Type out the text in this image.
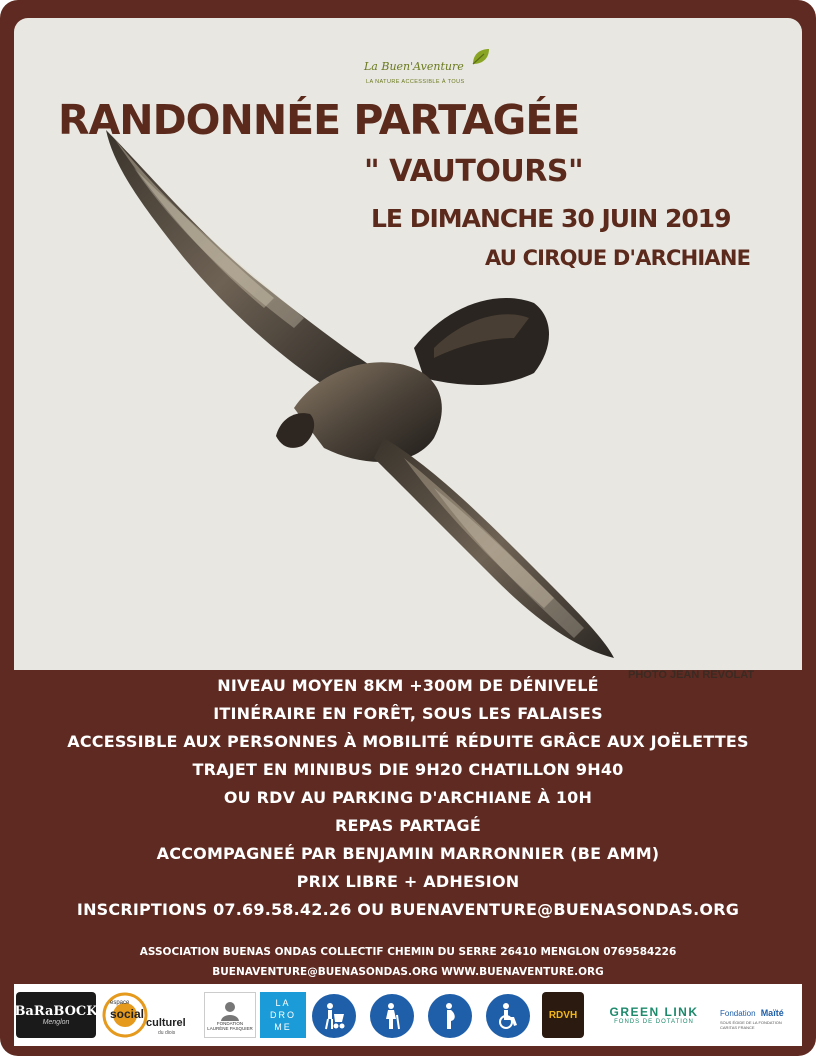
La Buen'Aventure
LA NATURE ACCESSIBLE À TOUS
RANDONNÉE PARTAGÉE
" VAUTOURS"
LE DIMANCHE 30 JUIN 2019
AU CIRQUE D'ARCHIANE
PHOTO JEAN REVOLAT
NIVEAU MOYEN 8KM +300M DE DÉNIVELÉ
ITINÉRAIRE EN FORÊT, SOUS LES FALAISES
ACCESSIBLE AUX PERSONNES À MOBILITÉ RÉDUITE GRÂCE AUX JOËLETTES
TRAJET EN MINIBUS DIE 9H20 CHATILLON 9H40
OU RDV AU PARKING D'ARCHIANE À 10H
REPAS PARTAGÉ
ACCOMPAGNEÉ PAR BENJAMIN MARRONNIER (BE AMM)
PRIX LIBRE + ADHESION
INSCRIPTIONS 07.69.58.42.26 OU BUENAVENTURE@BUENASONDAS.ORG
ASSOCIATION BUENAS ONDAS COLLECTIF CHEMIN DU SERRE 26410 MENGLON 0769584226
BUENAVENTURE@BUENASONDAS.ORG WWW.BUENAVENTURE.ORG
BaRaBOCK
Menglon
espace
social
culturel
du diois
FONDATION LAURÈNE PASQUIER
LA
DRO
ME
RDVH	GREEN LINK
FONDS DE DOTATION
Fondation Maïté
SOUS ÉGIDE DE LA FONDATION CARITAS FRANCE
